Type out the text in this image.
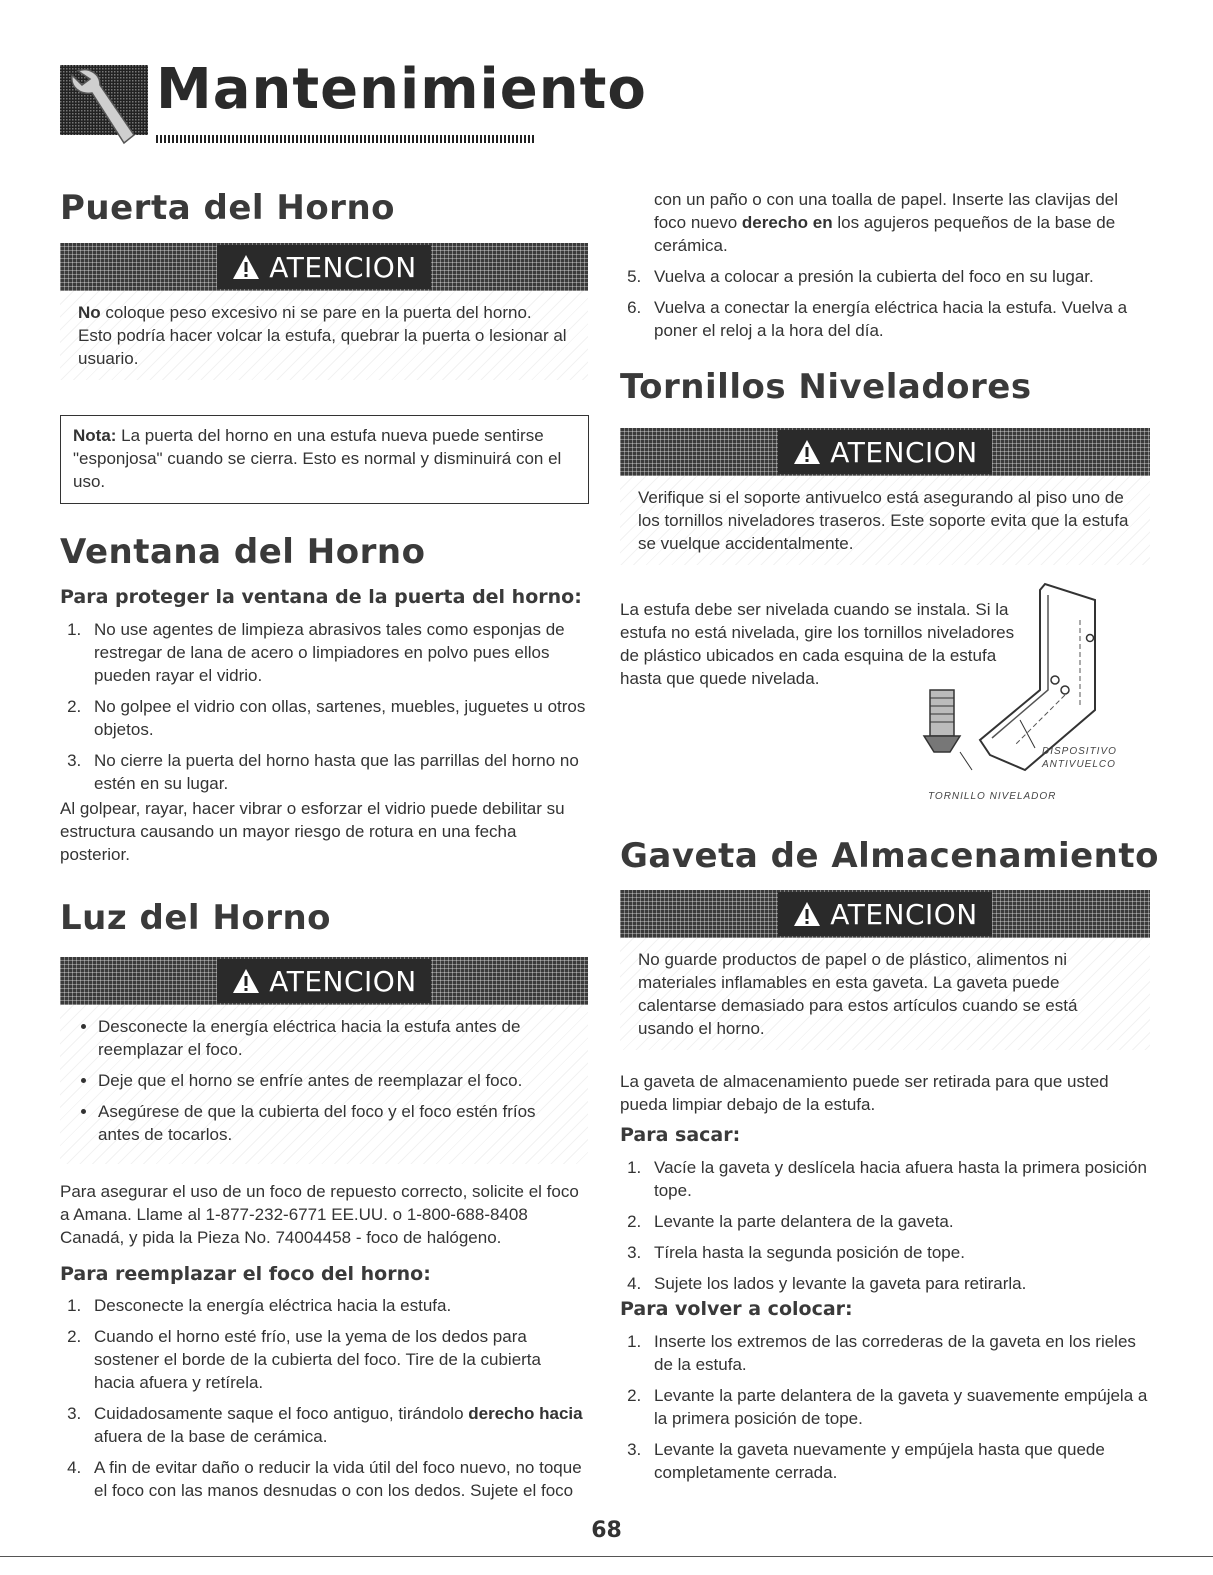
Mantenimiento
Puerta del Horno
ATENCION
No coloque peso excesivo ni se pare en la puerta del horno. Esto podría hacer volcar la estufa, quebrar la puerta o lesionar al usuario.
Nota: La puerta del horno en una estufa nueva puede sentirse "esponjosa" cuando se cierra. Esto es normal y disminuirá con el uso.
Ventana del Horno
Para proteger la ventana de la puerta del horno:
1. No use agentes de limpieza abrasivos tales como esponjas de restregar de lana de acero o limpiadores en polvo pues ellos pueden rayar el vidrio.
2. No golpee el vidrio con ollas, sartenes, muebles, juguetes u otros objetos.
3. No cierre la puerta del horno hasta que las parrillas del horno no estén en su lugar.

Al golpear, rayar, hacer vibrar o esforzar el vidrio puede debilitar su estructura causando un mayor riesgo de rotura en una fecha posterior.

Luz del Horno
ATENCION
• Desconecte la energía eléctrica hacia la estufa antes de reemplazar el foco.
• Deje que el horno se enfríe antes de reemplazar el foco.
• Asegúrese de que la cubierta del foco y el foco estén fríos antes de tocarlos.

Para asegurar el uso de un foco de repuesto correcto, solicite el foco a Amana. Llame al 1-877-232-6771 EE.UU. o 1-800-688-8408 Canadá, y pida la Pieza No. 74004458 - foco de halógeno.

Para reemplazar el foco del horno:
1. Desconecte la energía eléctrica hacia la estufa.
2. Cuando el horno esté frío, use la yema de los dedos para sostener el borde de la cubierta del foco. Tire de la cubierta hacia afuera y retírela.
3. Cuidadosamente saque el foco antiguo, tirándolo derecho hacia afuera de la base de cerámica.
4. A fin de evitar daño o reducir la vida útil del foco nuevo, no toque el foco con las manos desnudas o con los dedos. Sujete el foco

con un paño o con una toalla de papel. Inserte las clavijas del foco nuevo derecho en los agujeros pequeños de la base de cerámica.

5. Vuelva a colocar a presión la cubierta del foco en su lugar.
6. Vuelva a conectar la energía eléctrica hacia la estufa. Vuelva a poner el reloj a la hora del día.
Tornillos Niveladores
ATENCION
Verifique si el soporte antivuelco está asegurando al piso uno de los tornillos niveladores traseros. Este soporte evita que la estufa se vuelque accidentalmente.

La estufa debe ser nivelada cuando se instala. Si la estufa no está nivelada, gire los tornillos niveladores de plástico ubicados en cada esquina de la estufa hasta que quede nivelada.

DISPOSITIVO
ANTIVUELCO
TORNILLO NIVELADOR
Gaveta de Almacenamiento
ATENCION
No guarde productos de papel o de plástico, alimentos ni materiales inflamables en esta gaveta. La gaveta puede calentarse demasiado para estos artículos cuando se está usando el horno.

La gaveta de almacenamiento puede ser retirada para que usted pueda limpiar debajo de la estufa.

Para sacar:
1. Vacíe la gaveta y deslícela hacia afuera hasta la primera posición tope.
2. Levante la parte delantera de la gaveta.
3. Tírela hasta la segunda posición de tope.
4. Sujete los lados y levante la gaveta para retirarla.
Para volver a colocar:
1. Inserte los extremos de las correderas de la gaveta en los rieles de la estufa.
2. Levante la parte delantera de la gaveta y suavemente empújela a la primera posición de tope.
3. Levante la gaveta nuevamente y empújela hasta que quede completamente cerrada.
68
